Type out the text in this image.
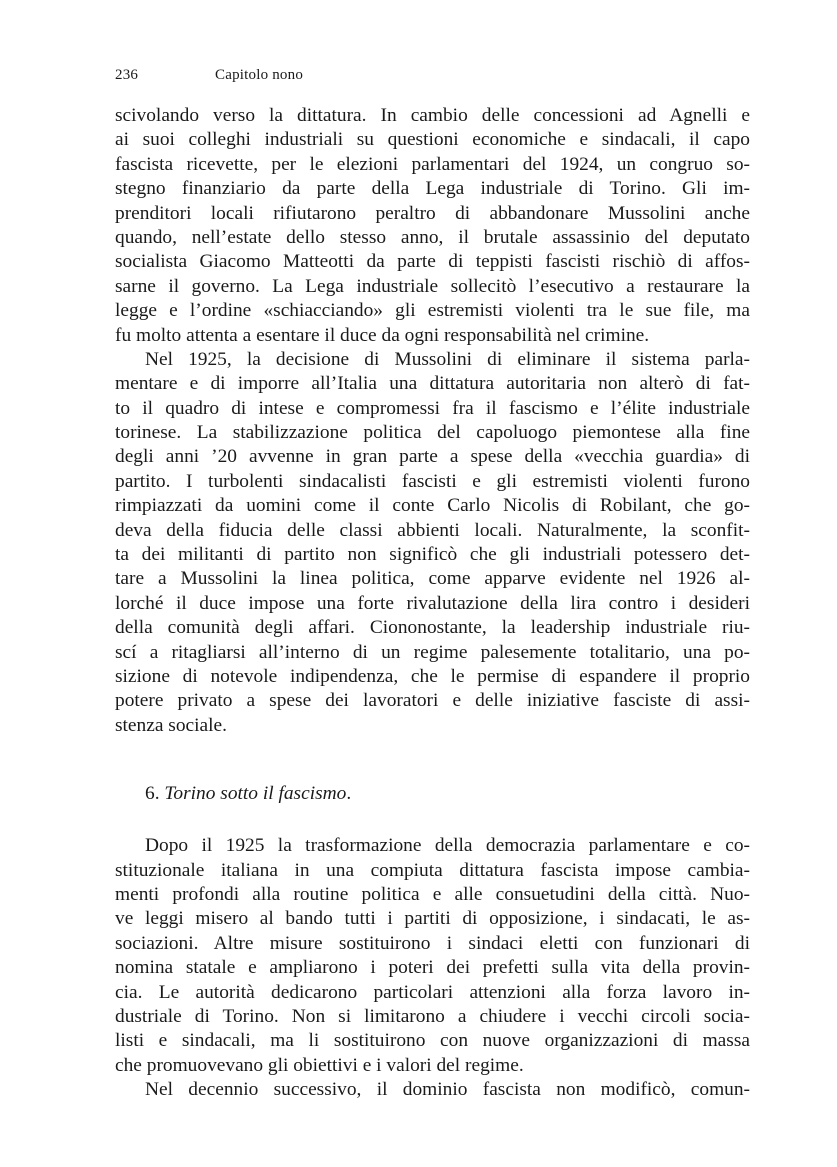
236	Capitolo nono
scivolando verso la dittatura. In cambio delle concessioni ad Agnelli e
ai suoi colleghi industriali su questioni economiche e sindacali, il capo
fascista ricevette, per le elezioni parlamentari del 1924, un congruo so-
stegno finanziario da parte della Lega industriale di Torino. Gli im-
prenditori locali rifiutarono peraltro di abbandonare Mussolini anche
quando, nell’estate dello stesso anno, il brutale assassinio del deputato
socialista Giacomo Matteotti da parte di teppisti fascisti rischiò di affos-
sarne il governo. La Lega industriale sollecitò l’esecutivo a restaurare la
legge e l’ordine «schiacciando» gli estremisti violenti tra le sue file, ma
fu molto attenta a esentare il duce da ogni responsabilità nel crimine.
Nel 1925, la decisione di Mussolini di eliminare il sistema parla-
mentare e di imporre all’Italia una dittatura autoritaria non alterò di fat-
to il quadro di intese e compromessi fra il fascismo e l’élite industriale
torinese. La stabilizzazione politica del capoluogo piemontese alla fine
degli anni ’20 avvenne in gran parte a spese della «vecchia guardia» di
partito. I turbolenti sindacalisti fascisti e gli estremisti violenti furono
rimpiazzati da uomini come il conte Carlo Nicolis di Robilant, che go-
deva della fiducia delle classi abbienti locali. Naturalmente, la sconfit-
ta dei militanti di partito non significò che gli industriali potessero det-
tare a Mussolini la linea politica, come apparve evidente nel 1926 al-
lorché il duce impose una forte rivalutazione della lira contro i desideri
della comunità degli affari. Ciononostante, la leadership industriale riu-
scí a ritagliarsi all’interno di un regime palesemente totalitario, una po-
sizione di notevole indipendenza, che le permise di espandere il proprio
potere privato a spese dei lavoratori e delle iniziative fasciste di assi-
stenza sociale.
6. Torino sotto il fascismo.
Dopo il 1925 la trasformazione della democrazia parlamentare e co-
stituzionale italiana in una compiuta dittatura fascista impose cambia-
menti profondi alla routine politica e alle consuetudini della città. Nuo-
ve leggi misero al bando tutti i partiti di opposizione, i sindacati, le as-
sociazioni. Altre misure sostituirono i sindaci eletti con funzionari di
nomina statale e ampliarono i poteri dei prefetti sulla vita della provin-
cia. Le autorità dedicarono particolari attenzioni alla forza lavoro in-
dustriale di Torino. Non si limitarono a chiudere i vecchi circoli socia-
listi e sindacali, ma li sostituirono con nuove organizzazioni di massa
che promuovevano gli obiettivi e i valori del regime.
Nel decennio successivo, il dominio fascista non modificò, comun-
